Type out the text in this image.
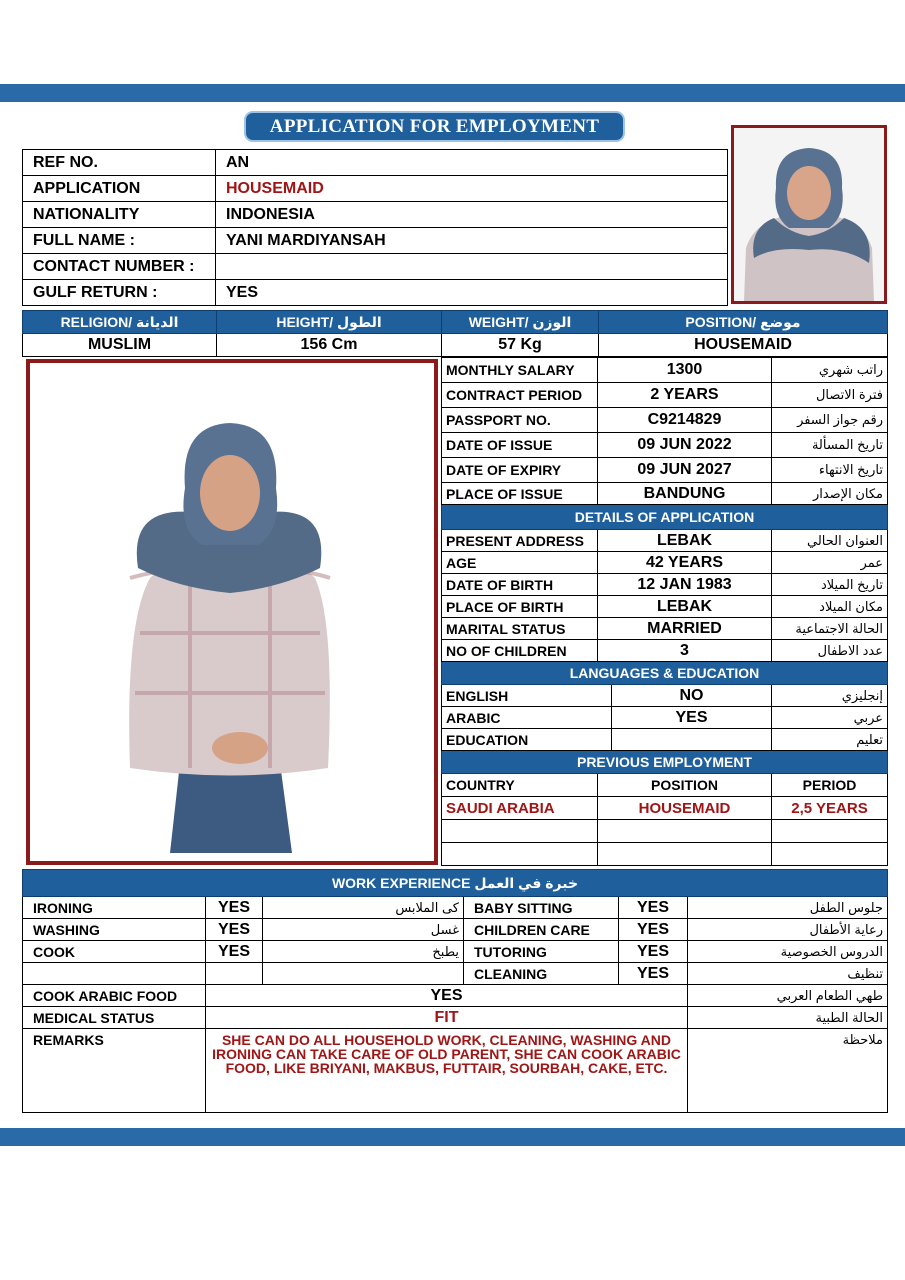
APPLICATION FOR EMPLOYMENT
REF NO.	AN
APPLICATION	HOUSEMAID
NATIONALITY	INDONESIA
FULL NAME :	YANI MARDIYANSAH
CONTACT NUMBER :	
GULF RETURN :	YES
RELIGION/ الديانة	HEIGHT/ الطول	WEIGHT/ الوزن	POSITION/ موضع
MUSLIM	156 Cm	57 Kg	HOUSEMAID
MONTHLY SALARY	1300		راتب شهري
CONTRACT PERIOD	2 YEARS		فترة الاتصال
PASSPORT NO.	C9214829		رقم جواز السفر
DATE OF ISSUE	09 JUN 2022		تاريخ المسألة
DATE OF EXPIRY	09 JUN 2027		تاريخ الانتهاء
PLACE OF ISSUE	BANDUNG		مكان الإصدار
DETAILS OF APPLICATION			
PRESENT ADDRESS	LEBAK		العنوان الحالي
AGE	42 YEARS		عمر
DATE OF BIRTH	12 JAN 1983		تاريخ الميلاد
PLACE OF BIRTH	LEBAK		مكان الميلاد
MARITAL STATUS	MARRIED		الحالة الاجتماعية
NO OF CHILDREN	3		عدد الاطفال
LANGUAGES & EDUCATION			
ENGLISH		NO	إنجليزي
ARABIC		YES	عربي
EDUCATION			تعليم
PREVIOUS EMPLOYMENT			
COUNTRY	POSITION		PERIOD
SAUDI ARABIA	HOUSEMAID		2,5 YEARS

WORK EXPERIENCE خبرة في العمل					
IRONING	YES	كى الملابس	BABY SITTING	YES	جلوس الطفل
WASHING	YES	غسل	CHILDREN CARE	YES	رعاية الأطفال
COOK	YES	يطبخ	TUTORING	YES	الدروس الخصوصية
			CLEANING	YES	تنظيف
COOK ARABIC FOOD	YES				طهي الطعام العربي
MEDICAL STATUS	FIT				الحالة الطبية
REMARKS	SHE CAN DO ALL HOUSEHOLD WORK, CLEANING, WASHING AND IRONING CAN TAKE CARE OF OLD PARENT, SHE CAN COOK ARABIC FOOD, LIKE BRIYANI, MAKBUS, FUTTAIR, SOURBAH, CAKE, ETC.				ملاحظة
